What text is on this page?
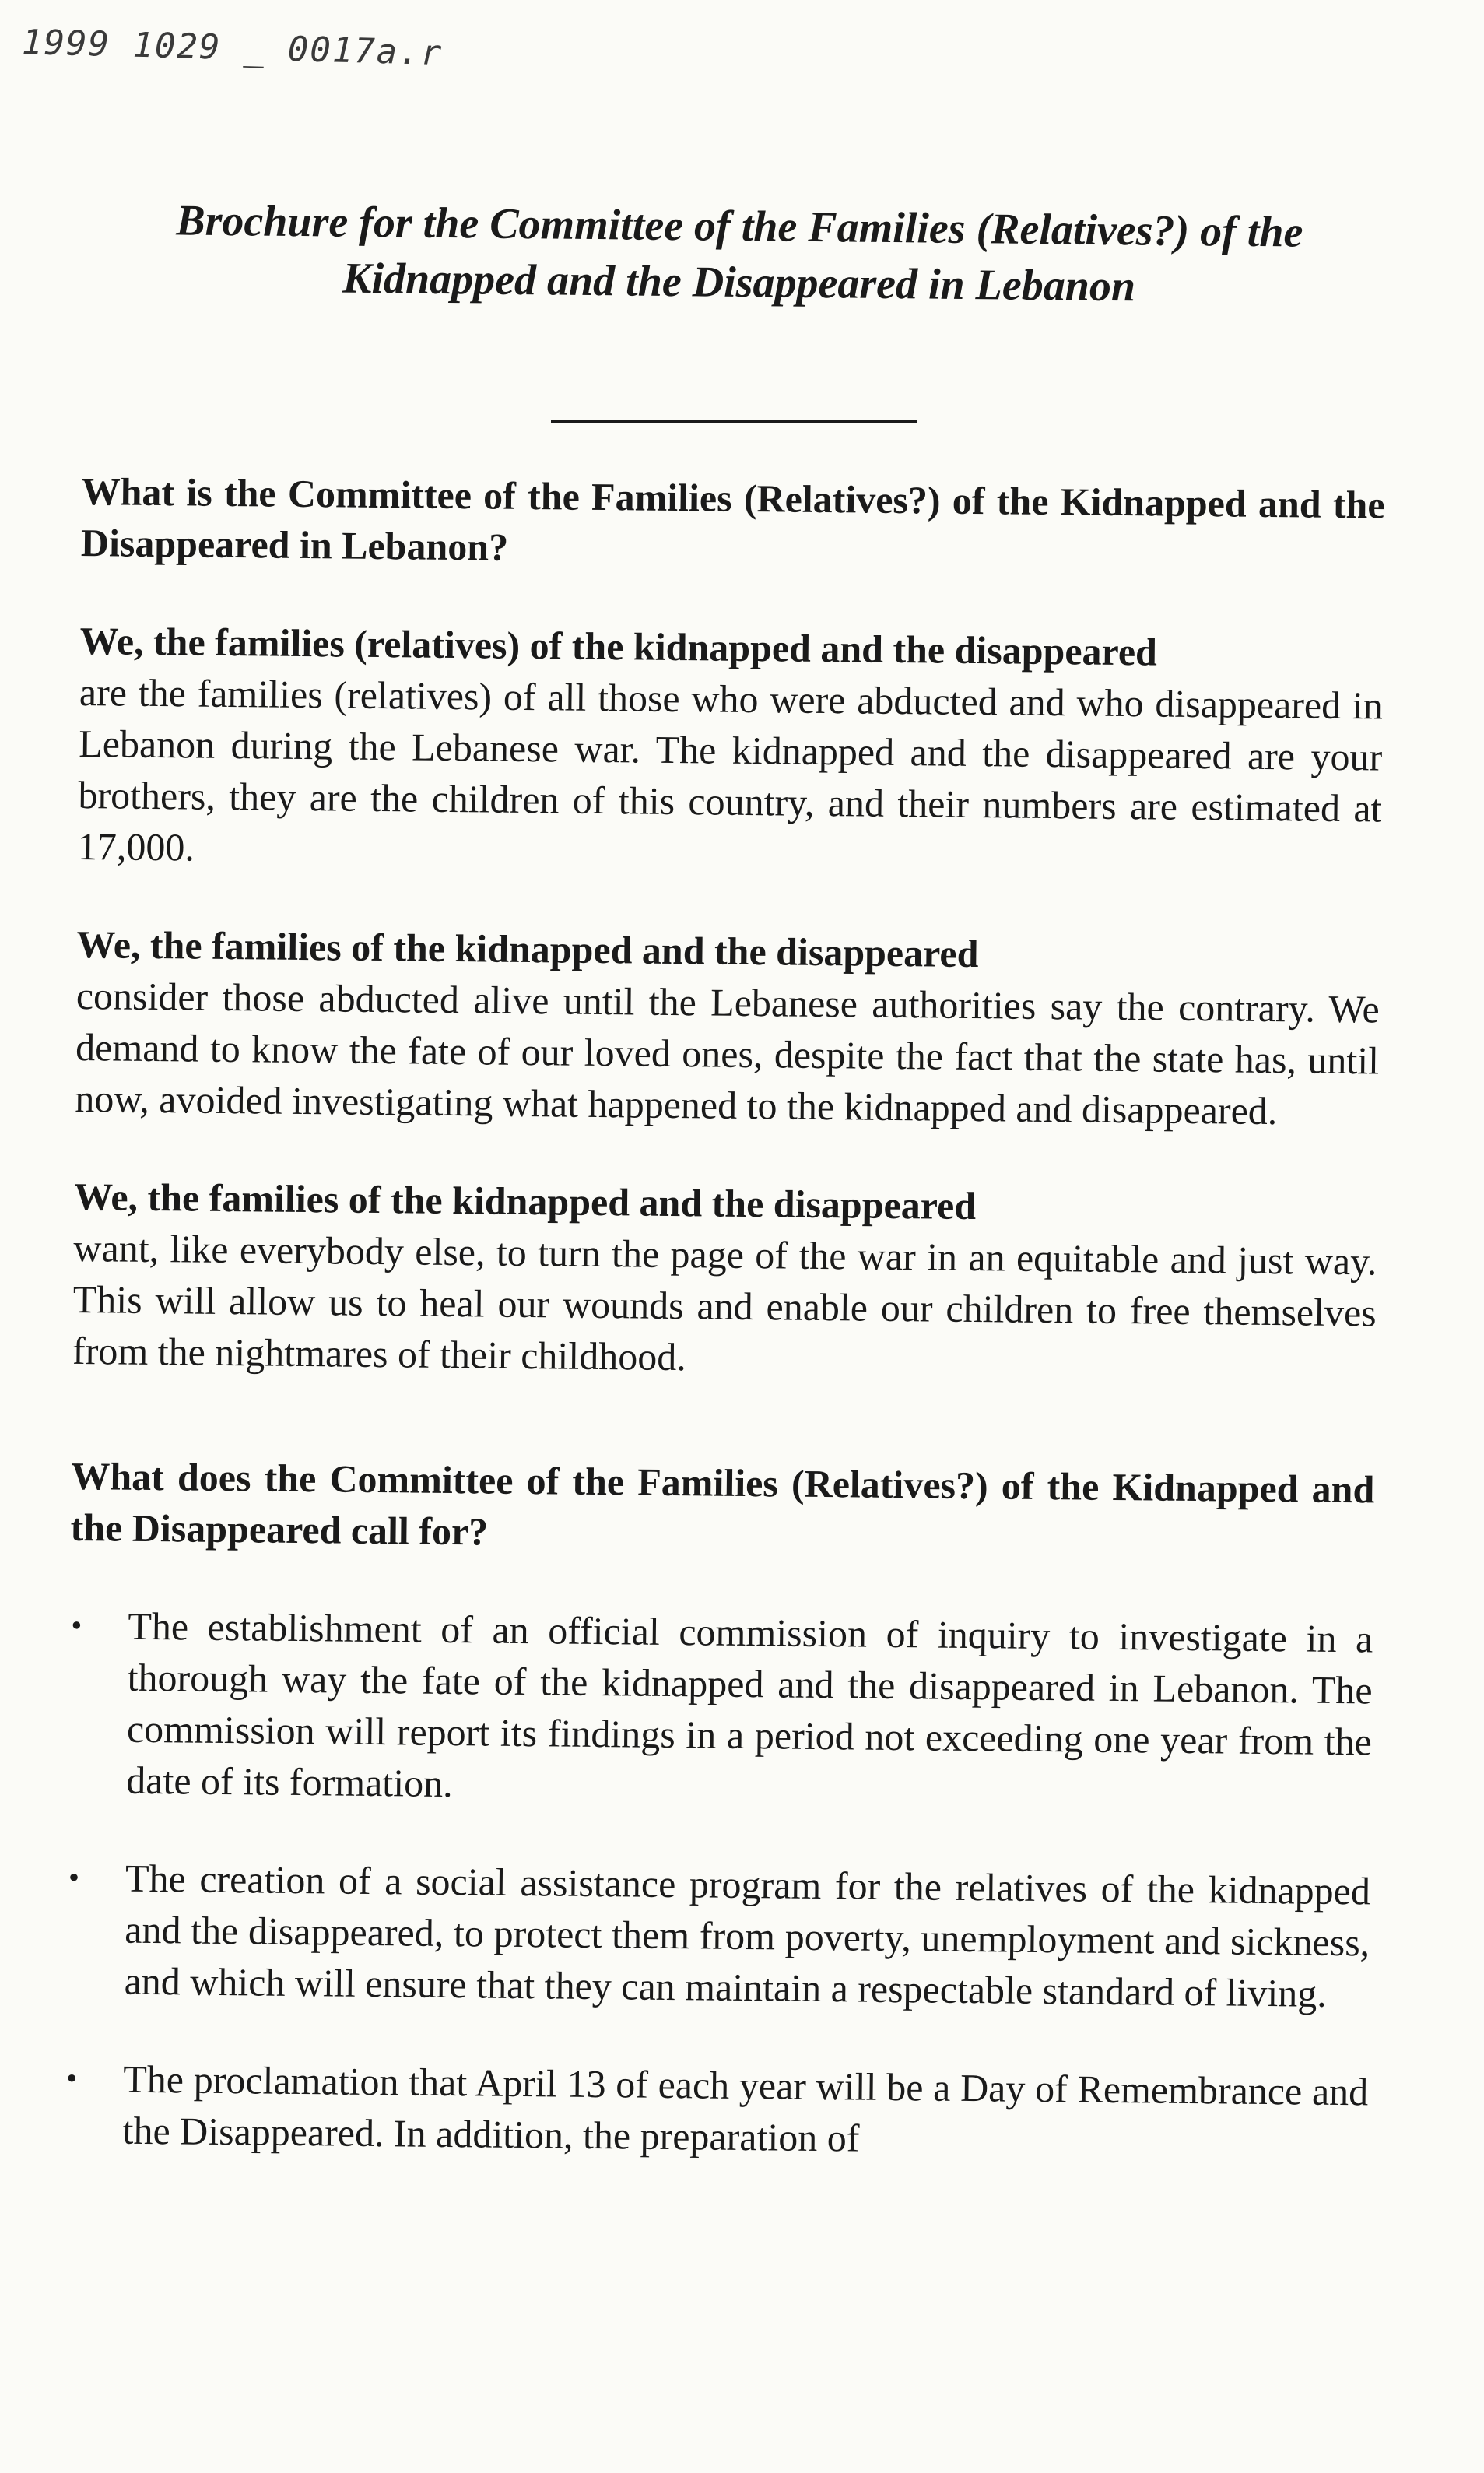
1999 1029 _ 0017a.r
Brochure for the Committee of the Families (Relatives?) of the Kidnapped and the Disappeared in Lebanon

What is the Committee of the Families (Relatives?) of the Kidnapped and the Disappeared in Lebanon?

We, the families (relatives) of the kidnapped and the disappeared
are the families (relatives) of all those who were abducted and who disappeared in Lebanon during the Lebanese war. The kidnapped and the disappeared are your brothers, they are the children of this country, and their numbers are estimated at 17,000.

We, the families of the kidnapped and the disappeared
consider those abducted alive until the Lebanese authorities say the contrary. We demand to know the fate of our loved ones, despite the fact that the state has, until now, avoided investigating what happened to the kidnapped and disappeared.

We, the families of the kidnapped and the disappeared
want, like everybody else, to turn the page of the war in an equitable and just way. This will allow us to heal our wounds and enable our children to free themselves from the nightmares of their childhood.

What does the Committee of the Families (Relatives?) of the Kidnapped and the Disappeared call for?

• The establishment of an official commission of inquiry to investigate in a thorough way the fate of the kidnapped and the disappeared in Lebanon. The commission will report its findings in a period not exceeding one year from the date of its formation.
• The creation of a social assistance program for the relatives of the kidnapped and the disappeared, to protect them from poverty, unemployment and sickness, and which will ensure that they can maintain a respectable standard of living.
• The proclamation that April 13 of each year will be a Day of Remembrance and the Disappeared. In addition, the preparation of
